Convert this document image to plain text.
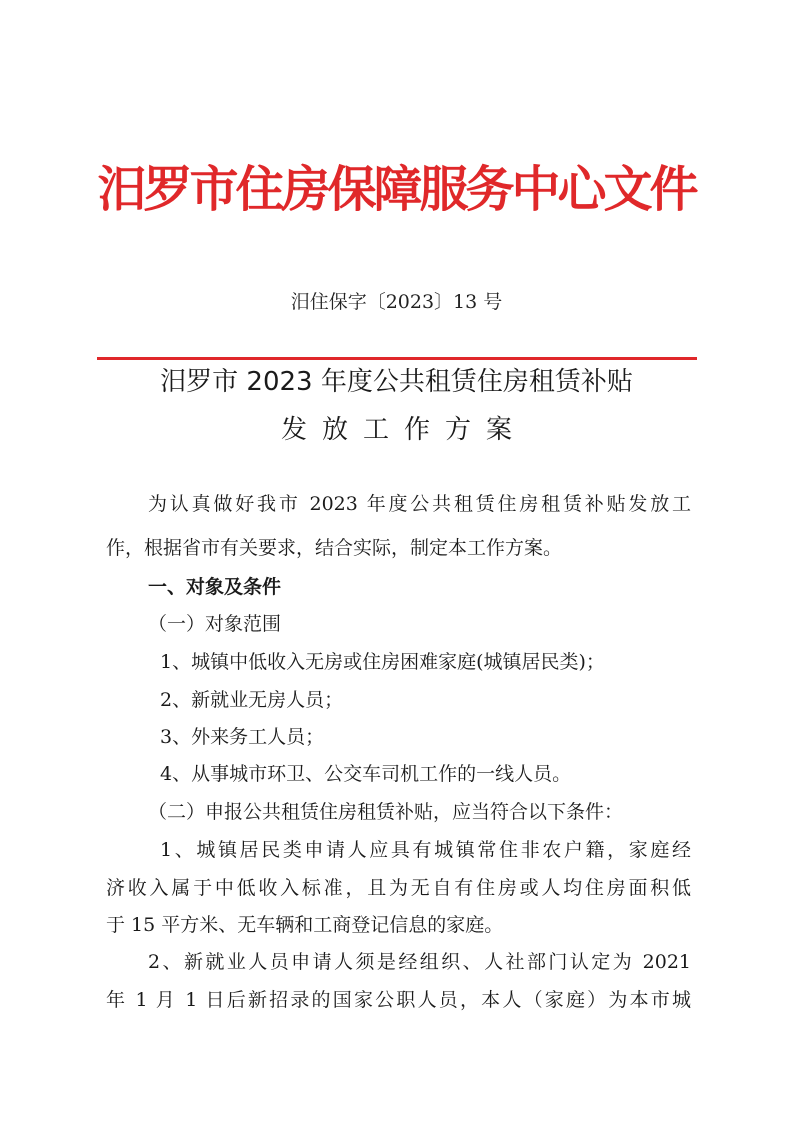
汨罗市住房保障服务中心文件
汨住保字〔2023〕13 号
汨罗市 2023 年度公共租赁住房租赁补贴
发放工作方案
为认真做好我市 2023 年度公共租赁住房租赁补贴发放工
作，根据省市有关要求，结合实际，制定本工作方案。
一、对象及条件
（一）对象范围
1、城镇中低收入无房或住房困难家庭(城镇居民类)；
2、新就业无房人员；
3、外来务工人员；
4、从事城市环卫、公交车司机工作的一线人员。
（二）申报公共租赁住房租赁补贴，应当符合以下条件：
1、城镇居民类申请人应具有城镇常住非农户籍，家庭经
济收入属于中低收入标准，且为无自有住房或人均住房面积低
于 15 平方米、无车辆和工商登记信息的家庭。
2、新就业人员申请人须是经组织、人社部门认定为 2021
年 1 月 1 日后新招录的国家公职人员，本人（家庭）为本市城
